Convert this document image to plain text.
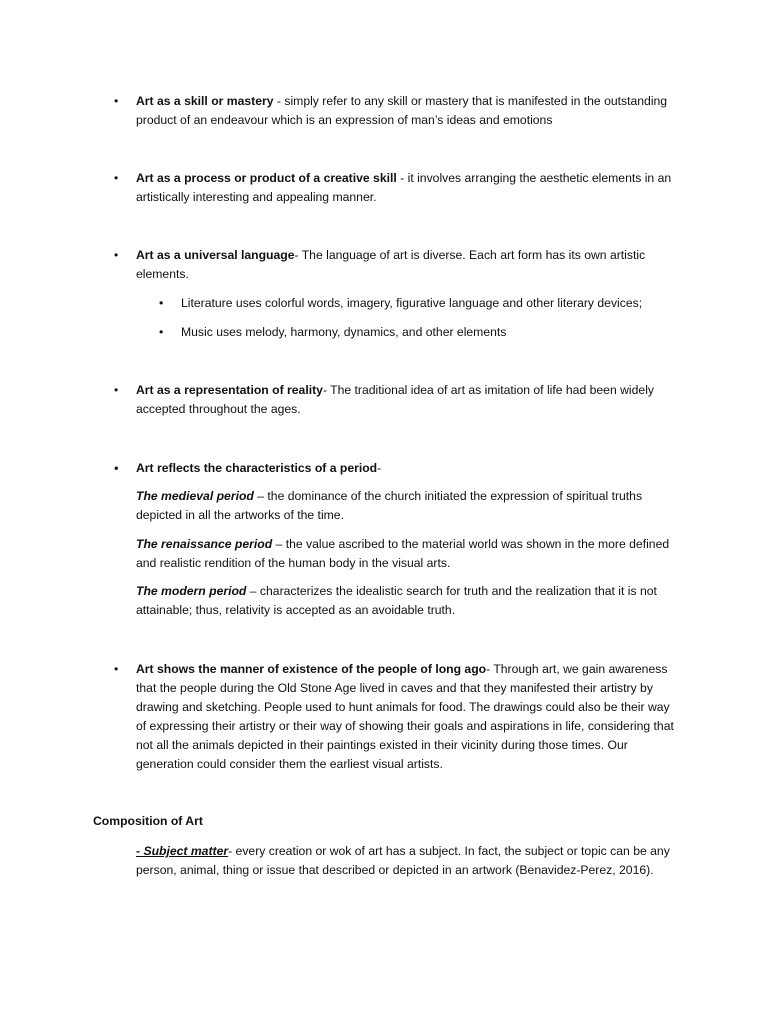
• Art as a skill or mastery - simply refer to any skill or mastery that is manifested in the outstanding product of an endeavour which is an expression of man’s ideas and emotions
• Art as a process or product of a creative skill - it involves arranging the aesthetic elements in an artistically interesting and appealing manner.
• Art as a universal language- The language of art is diverse. Each art form has its own artistic elements.
• Literature uses colorful words, imagery, figurative language and other literary devices;
• Music uses melody, harmony, dynamics, and other elements
• Art as a representation of reality- The traditional idea of art as imitation of life had been widely accepted throughout the ages.
• Art reflects the characteristics of a period-
The medieval period – the dominance of the church initiated the expression of spiritual truths depicted in all the artworks of the time.
The renaissance period – the value ascribed to the material world was shown in the more defined and realistic rendition of the human body in the visual arts.
The modern period – characterizes the idealistic search for truth and the realization that it is not attainable; thus, relativity is accepted as an avoidable truth.
• Art shows the manner of existence of the people of long ago- Through art, we gain awareness that the people during the Old Stone Age lived in caves and that they manifested their artistry by drawing and sketching. People used to hunt animals for food. The drawings could also be their way of expressing their artistry or their way of showing their goals and aspirations in life, considering that not all the animals depicted in their paintings existed in their vicinity during those times. Our generation could consider them the earliest visual artists.
Composition of Art
- Subject matter- every creation or wok of art has a subject. In fact, the subject or topic can be any person, animal, thing or issue that described or depicted in an artwork (Benavidez-Perez, 2016).
